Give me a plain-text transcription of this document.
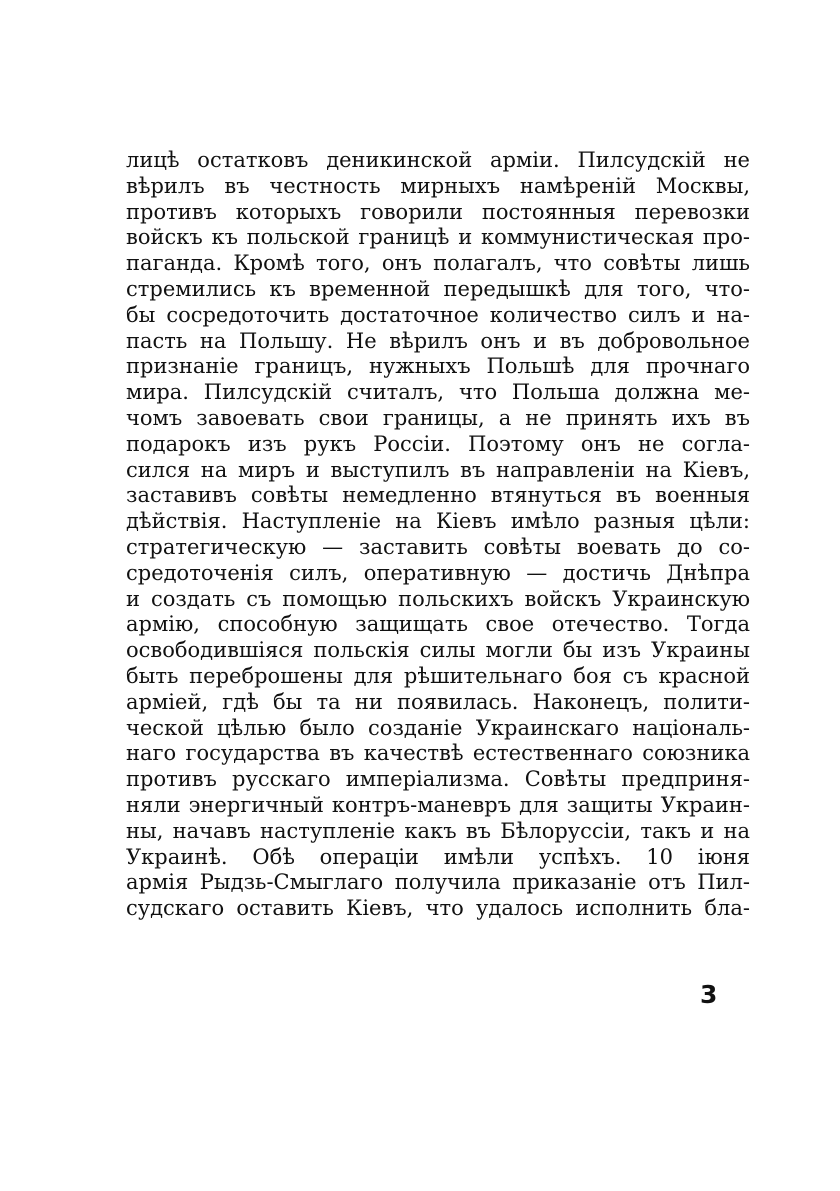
лицѣ остатковъ деникинской арміи. Пилсудскій не
вѣрилъ въ честность мирныхъ намѣреній Москвы,
противъ которыхъ говорили постоянныя перевозки
войскъ къ польской границѣ и коммунистическая про-
паганда. Кромѣ того, онъ полагалъ, что совѣты лишь
стремились къ временной передышкѣ для того, что-
бы сосредоточить достаточное количество силъ и на-
пасть на Польшу. Не вѣрилъ онъ и въ добровольное
признаніе границъ, нужныхъ Польшѣ для прочнаго
мира. Пилсудскій считалъ, что Польша должна ме-
чомъ завоевать свои границы, а не принять ихъ въ
подарокъ изъ рукъ Россіи. Поэтому онъ не согла-
сился на миръ и выступилъ въ направленіи на Кіевъ,
заставивъ совѣты немедленно втянуться въ военныя
дѣйствія. Наступленіе на Кіевъ имѣло разныя цѣли:
стратегическую — заставить совѣты воевать до со-
средоточенія силъ, оперативную — достичь Днѣпра
и создать съ помощью польскихъ войскъ Украинскую
армію, способную защищать свое отечество. Тогда
освободившіяся польскія силы могли бы изъ Украины
быть переброшены для рѣшительнаго боя съ красной
арміей, гдѣ бы та ни появилась. Наконецъ, полити-
ческой цѣлью было созданіе Украинскаго національ-
наго государства въ качествѣ естественнаго союзника
противъ русскаго имперіализма. Совѣты предприня-
няли энергичный контръ-маневръ для защиты Украин-
ны, начавъ наступленіе какъ въ Бѣлоруссіи, такъ и на
Украинѣ. Обѣ операціи имѣли успѣхъ. 10 іюня
армія Рыдзь-Смыглаго получила приказаніе отъ Пил-
судскаго оставить Кіевъ, что удалось исполнить бла-
3
